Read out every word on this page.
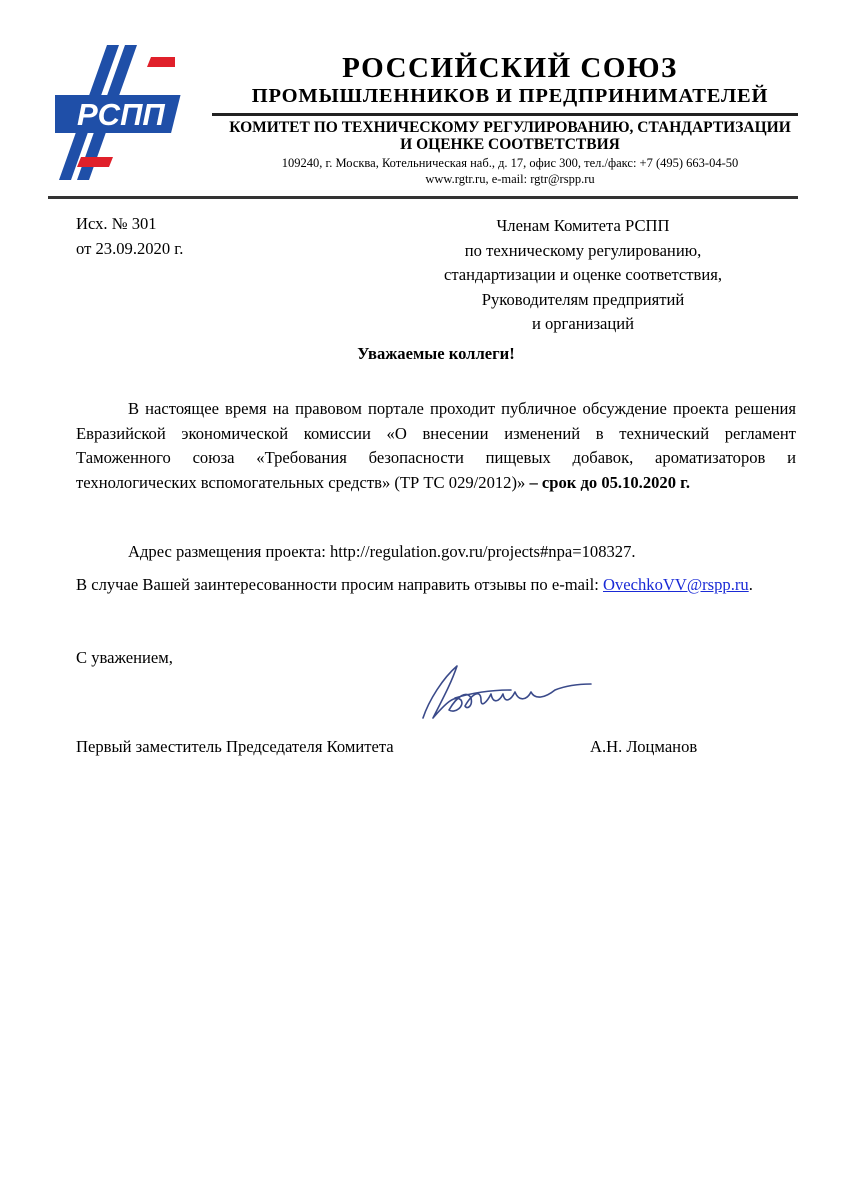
РСПП
РОССИЙСКИЙ СОЮЗ
ПРОМЫШЛЕННИКОВ И ПРЕДПРИНИМАТЕЛЕЙ
КОМИТЕТ ПО ТЕХНИЧЕСКОМУ РЕГУЛИРОВАНИЮ, СТАНДАРТИЗАЦИИ
И ОЦЕНКЕ СООТВЕТСТВИЯ
109240, г. Москва, Котельническая наб., д. 17, офис 300, тел./факс: +7 (495) 663-04-50
www.rgtr.ru, e-mail: rgtr@rspp.ru
Исх. № 301
от 23.09.2020 г.
Членам Комитета РСПП
по техническому регулированию,
стандартизации и оценке соответствия,
Руководителям предприятий
и организаций
Уважаемые коллеги!
В настоящее время на правовом портале проходит публичное обсуждение проекта решения Евразийской экономической комиссии «О внесении изменений в технический регламент Таможенного союза «Требования безопасности пищевых добавок, ароматизаторов и технологических вспомогательных средств» (ТР ТС 029/2012)» – срок до 05.10.2020 г.
Адрес размещения проекта: http://regulation.gov.ru/projects#npa=108327.
В случае Вашей заинтересованности просим направить отзывы по e-mail: OvechkoVV@rspp.ru.
С уважением,
Первый заместитель Председателя Комитета	А.Н. Лоцманов
